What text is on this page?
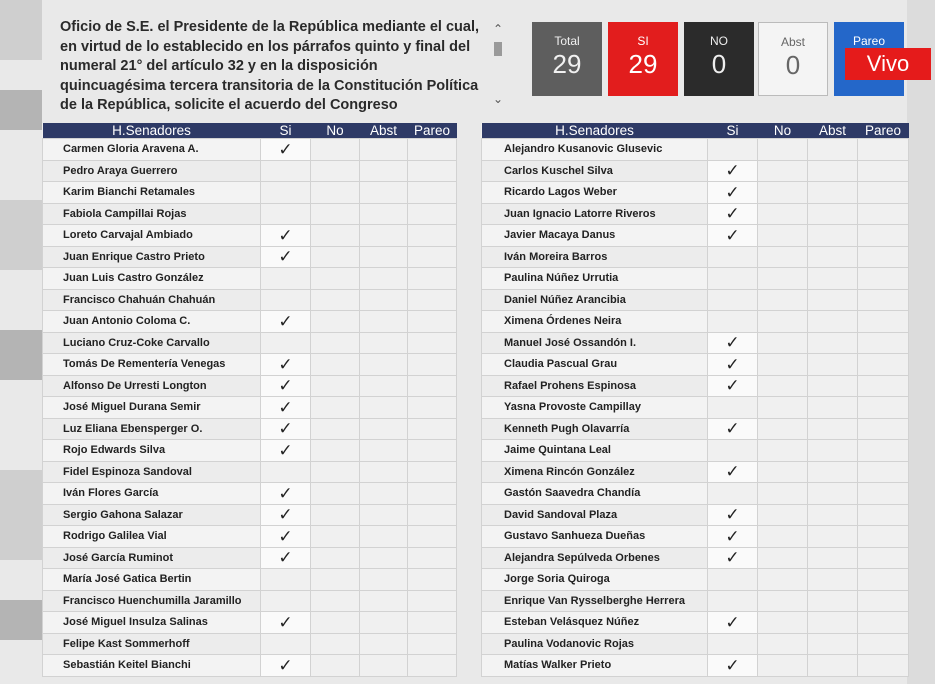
Oficio de S.E. el Presidente de la República mediante el cual, en virtud de lo establecido en los párrafos quinto y final del numeral 21° del artículo 32 y en la disposición quincuagésima tercera transitoria de la Constitución Política de la República, solicite el acuerdo del Congreso
⌃
⌄
Total
29
SI
29
NO
0
Abst
0
Pareo
Vivo
H.Senadores	Si	No	Abst	Pareo
Carmen Gloria Aravena A.	✓			
Pedro Araya Guerrero				
Karim Bianchi Retamales				
Fabiola Campillai Rojas				
Loreto Carvajal Ambiado	✓			
Juan Enrique Castro Prieto	✓			
Juan Luis Castro González				
Francisco Chahuán Chahuán				
Juan Antonio Coloma C.	✓			
Luciano Cruz-Coke Carvallo				
Tomás De Rementería Venegas	✓			
Alfonso De Urresti Longton	✓			
José Miguel Durana Semir	✓			
Luz Eliana Ebensperger O.	✓			
Rojo Edwards Silva	✓			
Fidel Espinoza Sandoval				
Iván Flores García	✓			
Sergio Gahona Salazar	✓			
Rodrigo Galilea Vial	✓			
José García Ruminot	✓			
María José Gatica Bertin				
Francisco Huenchumilla Jaramillo				
José Miguel Insulza Salinas	✓			
Felipe Kast Sommerhoff				
Sebastián Keitel Bianchi	✓			
H.Senadores	Si	No	Abst	Pareo
Alejandro Kusanovic Glusevic				
Carlos Kuschel Silva	✓			
Ricardo Lagos Weber	✓			
Juan Ignacio Latorre Riveros	✓			
Javier Macaya Danus	✓			
Iván Moreira Barros				
Paulina Núñez Urrutia				
Daniel Núñez Arancibia				
Ximena Órdenes Neira				
Manuel José Ossandón I.	✓			
Claudia Pascual Grau	✓			
Rafael Prohens Espinosa	✓			
Yasna Provoste Campillay				
Kenneth Pugh Olavarría	✓			
Jaime Quintana Leal				
Ximena Rincón González	✓			
Gastón Saavedra Chandía				
David Sandoval Plaza	✓			
Gustavo Sanhueza Dueñas	✓			
Alejandra Sepúlveda Orbenes	✓			
Jorge Soria Quiroga				
Enrique Van Rysselberghe Herrera				
Esteban Velásquez Núñez	✓			
Paulina Vodanovic Rojas				
Matías Walker Prieto	✓			
